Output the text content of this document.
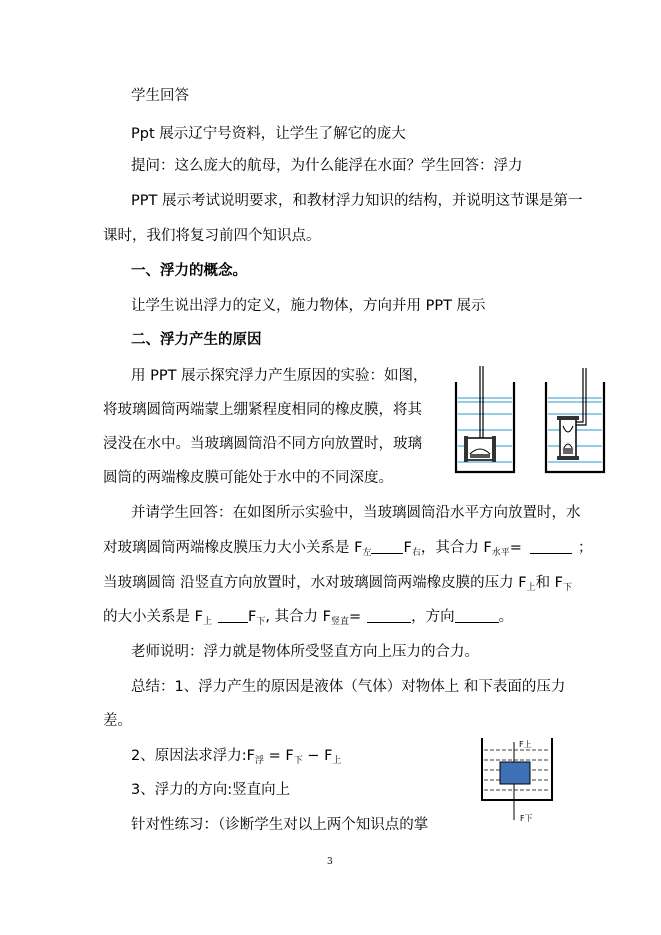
学生回答
Ppt 展示辽宁号资料，让学生了解它的庞大
提问：这么庞大的航母，为什么能浮在水面？学生回答：浮力
PPT 展示考试说明要求，和教材浮力知识的结构，并说明这节课是第一
课时，我们将复习前四个知识点。
一、浮力的概念。
让学生说出浮力的定义，施力物体，方向并用 PPT 展示
二、浮力产生的原因
用 PPT 展示探究浮力产生原因的实验：如图，
将玻璃圆筒两端蒙上绷紧程度相同的橡皮膜，将其
浸没在水中。当玻璃圆筒沿不同方向放置时，玻璃
圆筒的两端橡皮膜可能处于水中的不同深度。
并请学生回答：在如图所示实验中，当玻璃圆筒沿水平方向放置时，水
对玻璃圆筒两端橡皮膜压力大小关系是 $F_左$ $F_右$，其合力 $F_{水平}=$	；
当玻璃圆筒 沿竖直方向放置时，水对玻璃圆筒两端橡皮膜的压力 $F_上$和 $F_下$
的大小关系是 $F_上$ $F_下$, 其合力 $F_{竖直}=$	，方向	。
老师说明：浮力就是物体所受竖直方向上压力的合力。
总结：1、浮力产生的原因是液体（气体）对物体上 和下表面的压力
差。
2、原因法求浮力$:F_浮 = F_下 - F_上$
3、浮力的方向:竖直向上
针对性练习：（诊断学生对以上两个知识点的掌
F上
F下
3
